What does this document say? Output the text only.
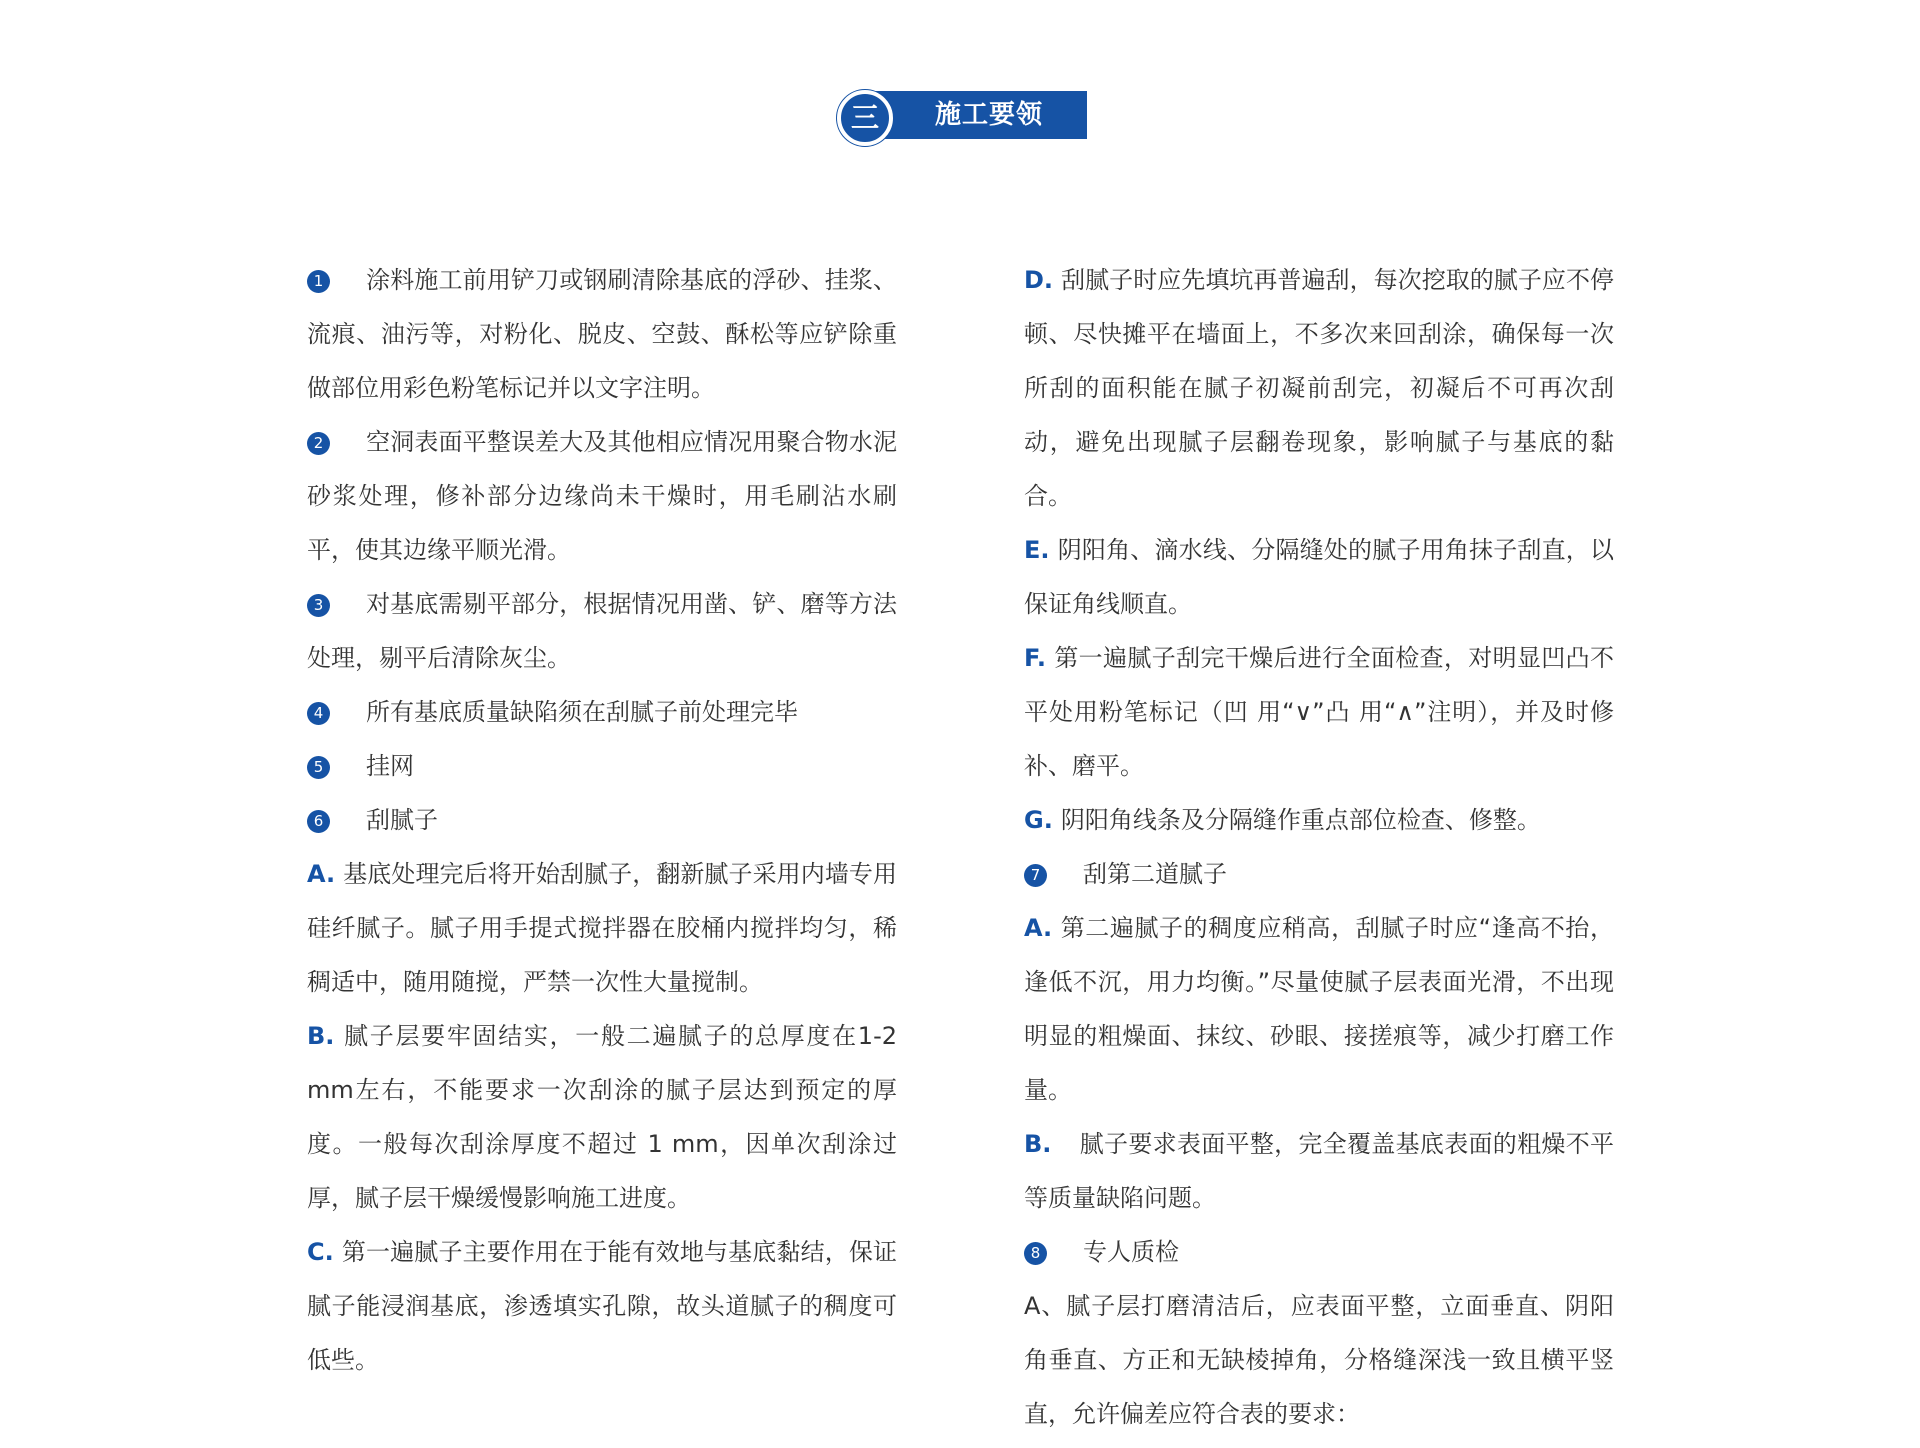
施工要领
三

1 涂料施工前用铲刀或钢刷清除基底的浮砂、挂浆、流痕、油污等，对粉化、脱皮、空鼓、酥松等应铲除重做部位用彩色粉笔标记并以文字注明。

2 空洞表面平整误差大及其他相应情况用聚合物水泥砂浆处理，修补部分边缘尚未干燥时，用毛刷沾水刷平，使其边缘平顺光滑。

3 对基底需剔平部分，根据情况用凿、铲、磨等方法处理，剔平后清除灰尘。

4 所有基底质量缺陷须在刮腻子前处理完毕

5 挂网

6 刮腻子

A. 基底处理完后将开始刮腻子，翻新腻子采用内墙专用硅纤腻子。腻子用手提式搅拌器在胶桶内搅拌均匀，稀稠适中，随用随搅，严禁一次性大量搅制。

B. 腻子层要牢固结实，一般二遍腻子的总厚度在1-2 mm左右，不能要求一次刮涂的腻子层达到预定的厚度。一般每次刮涂厚度不超过 1 mm，因单次刮涂过厚，腻子层干燥缓慢影响施工进度。

C. 第一遍腻子主要作用在于能有效地与基底黏结，保证腻子能浸润基底，渗透填实孔隙，故头道腻子的稠度可低些。

D. 刮腻子时应先填坑再普遍刮，每次挖取的腻子应不停顿、尽快摊平在墙面上，不多次来回刮涂，确保每一次所刮的面积能在腻子初凝前刮完，初凝后不可再次刮动，避免出现腻子层翻卷现象，影响腻子与基底的黏合。

E. 阴阳角、滴水线、分隔缝处的腻子用角抹子刮直，以保证角线顺直。

F. 第一遍腻子刮完干燥后进行全面检查，对明显凹凸不平处用粉笔标记（凹 用“∨”凸 用“∧”注明），并及时修补、磨平。

G. 阴阳角线条及分隔缝作重点部位检查、修整。

7 刮第二道腻子

A. 第二遍腻子的稠度应稍高，刮腻子时应“逢高不抬，逢低不沉，用力均衡。”尽量使腻子层表面光滑，不出现明显的粗燥面、抹纹、砂眼、接搓痕等，减少打磨工作量。

B. 腻子要求表面平整，完全覆盖基底表面的粗燥不平等质量缺陷问题。

8 专人质检

A、腻子层打磨清洁后，应表面平整，立面垂直、阴阳角垂直、方正和无缺棱掉角，分格缝深浅一致且横平竖直，允许偏差应符合表的要求：
